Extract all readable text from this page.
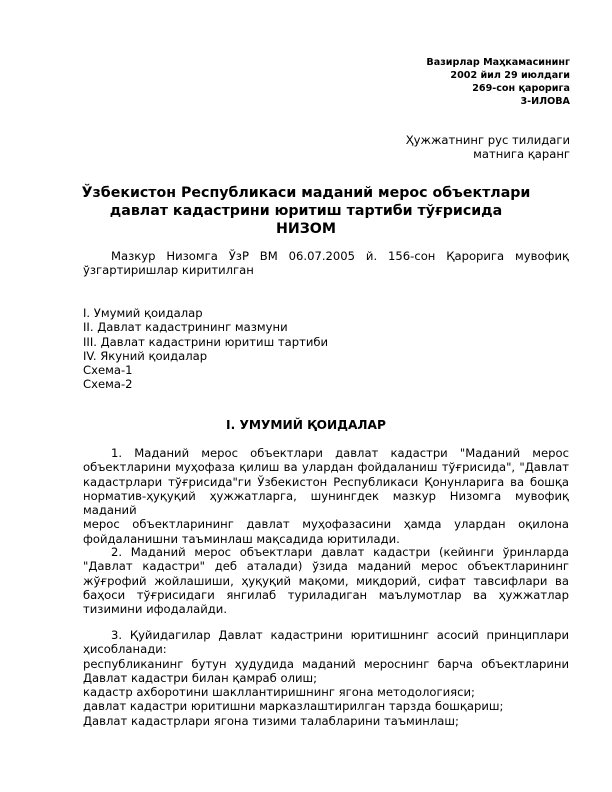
Вазирлар Маҳкамасининг
2002 йил 29 июлдаги
269-сон қарорига
3-ИЛОВА
Ҳужжатнинг рус тилидаги
матнига қаранг
Ўзбекистон Республикаси маданий мерос объектлари
давлат кадастрини юритиш тартиби тўғрисида
НИЗОМ
Мазкур Низомга ЎзР ВМ 06.07.2005 й. 156-сон Қарорига мувофиқ
ўзгартиришлар киритилган
I. Умумий қоидалар
II. Давлат кадастрининг мазмуни
III. Давлат кадастрини юритиш тартиби
IV. Якуний қоидалар
Схема-1
Схема-2
I. УМУМИЙ ҚОИДАЛАР
1. Маданий мерос объектлари давлат кадастри "Маданий мерос
объектларини муҳофаза қилиш ва улардан фойдаланиш тўғрисида", "Давлат
кадастрлари тўғрисида"ги Ўзбекистон Республикаси Қонунларига ва бошқа
норматив-ҳуқуқий ҳужжатларга, шунингдек мазкур Низомга мувофиқ маданий
мерос объектларининг давлат муҳофазасини ҳамда улардан оқилона
фойдаланишни таъминлаш мақсадида юритилади.
2. Маданий мерос объектлари давлат кадастри (кейинги ўринларда
"Давлат кадастри" деб аталади) ўзида маданий мерос объектларининг
жўғрофий жойлашиши, ҳуқуқий мақоми, миқдорий, сифат тавсифлари ва
баҳоси тўғрисидаги янгилаб туриладиган маълумотлар ва ҳужжатлар
тизимини ифодалайди.
3. Қуйидагилар Давлат кадастрини юритишнинг асосий принциплари
ҳисобланади:
республиканинг бутун ҳудудида маданий мероснинг барча объектларини
Давлат кадастри билан қамраб олиш;
кадастр ахборотини шакллантиришнинг ягона методологияси;
давлат кадастри юритишни марказлаштирилган тарзда бошқариш;
Давлат кадастрлари ягона тизими талабларини таъминлаш;
